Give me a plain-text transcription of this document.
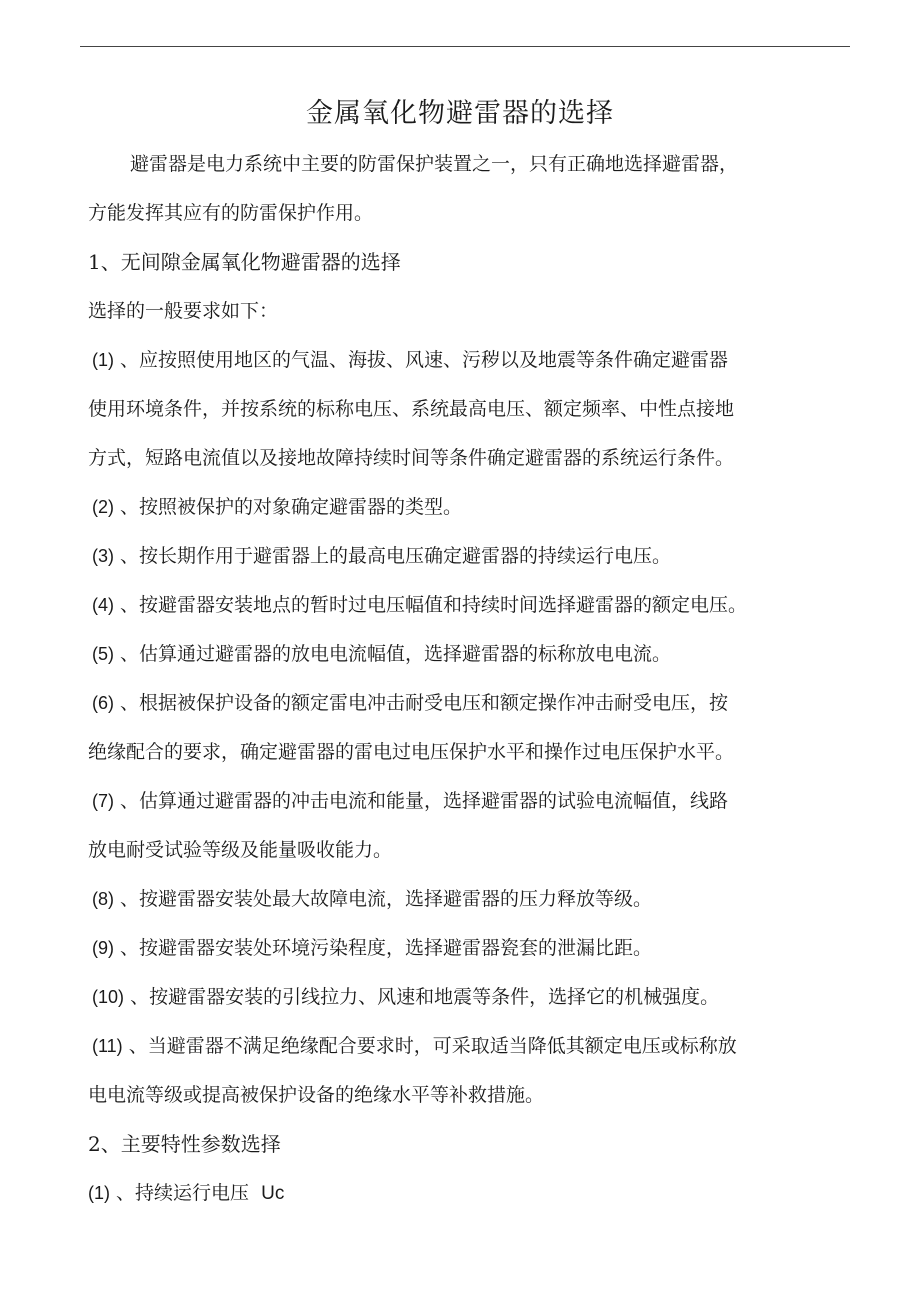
金属氧化物避雷器的选择
避雷器是电力系统中主要的防雷保护装置之一，只有正确地选择避雷器，
方能发挥其应有的防雷保护作用。
1、无间隙金属氧化物避雷器的选择
选择的一般要求如下：
(1) 、应按照使用地区的气温、海拔、风速、污秽以及地震等条件确定避雷器
使用环境条件，并按系统的标称电压、系统最高电压、额定频率、中性点接地
方式，短路电流值以及接地故障持续时间等条件确定避雷器的系统运行条件。
(2) 、按照被保护的对象确定避雷器的类型。
(3) 、按长期作用于避雷器上的最高电压确定避雷器的持续运行电压。
(4) 、按避雷器安装地点的暂时过电压幅值和持续时间选择避雷器的额定电压。
(5) 、估算通过避雷器的放电电流幅值，选择避雷器的标称放电电流。
(6) 、根据被保护设备的额定雷电冲击耐受电压和额定操作冲击耐受电压，按
绝缘配合的要求，确定避雷器的雷电过电压保护水平和操作过电压保护水平。
(7) 、估算通过避雷器的冲击电流和能量，选择避雷器的试验电流幅值，线路
放电耐受试验等级及能量吸收能力。
(8) 、按避雷器安装处最大故障电流，选择避雷器的压力释放等级。
(9) 、按避雷器安装处环境污染程度，选择避雷器瓷套的泄漏比距。
(10) 、按避雷器安装的引线拉力、风速和地震等条件，选择它的机械强度。
(11) 、当避雷器不满足绝缘配合要求时，可采取适当降低其额定电压或标称放
电电流等级或提高被保护设备的绝缘水平等补救措施。
2、主要特性参数选择
(1) 、持续运行电压 Uc
